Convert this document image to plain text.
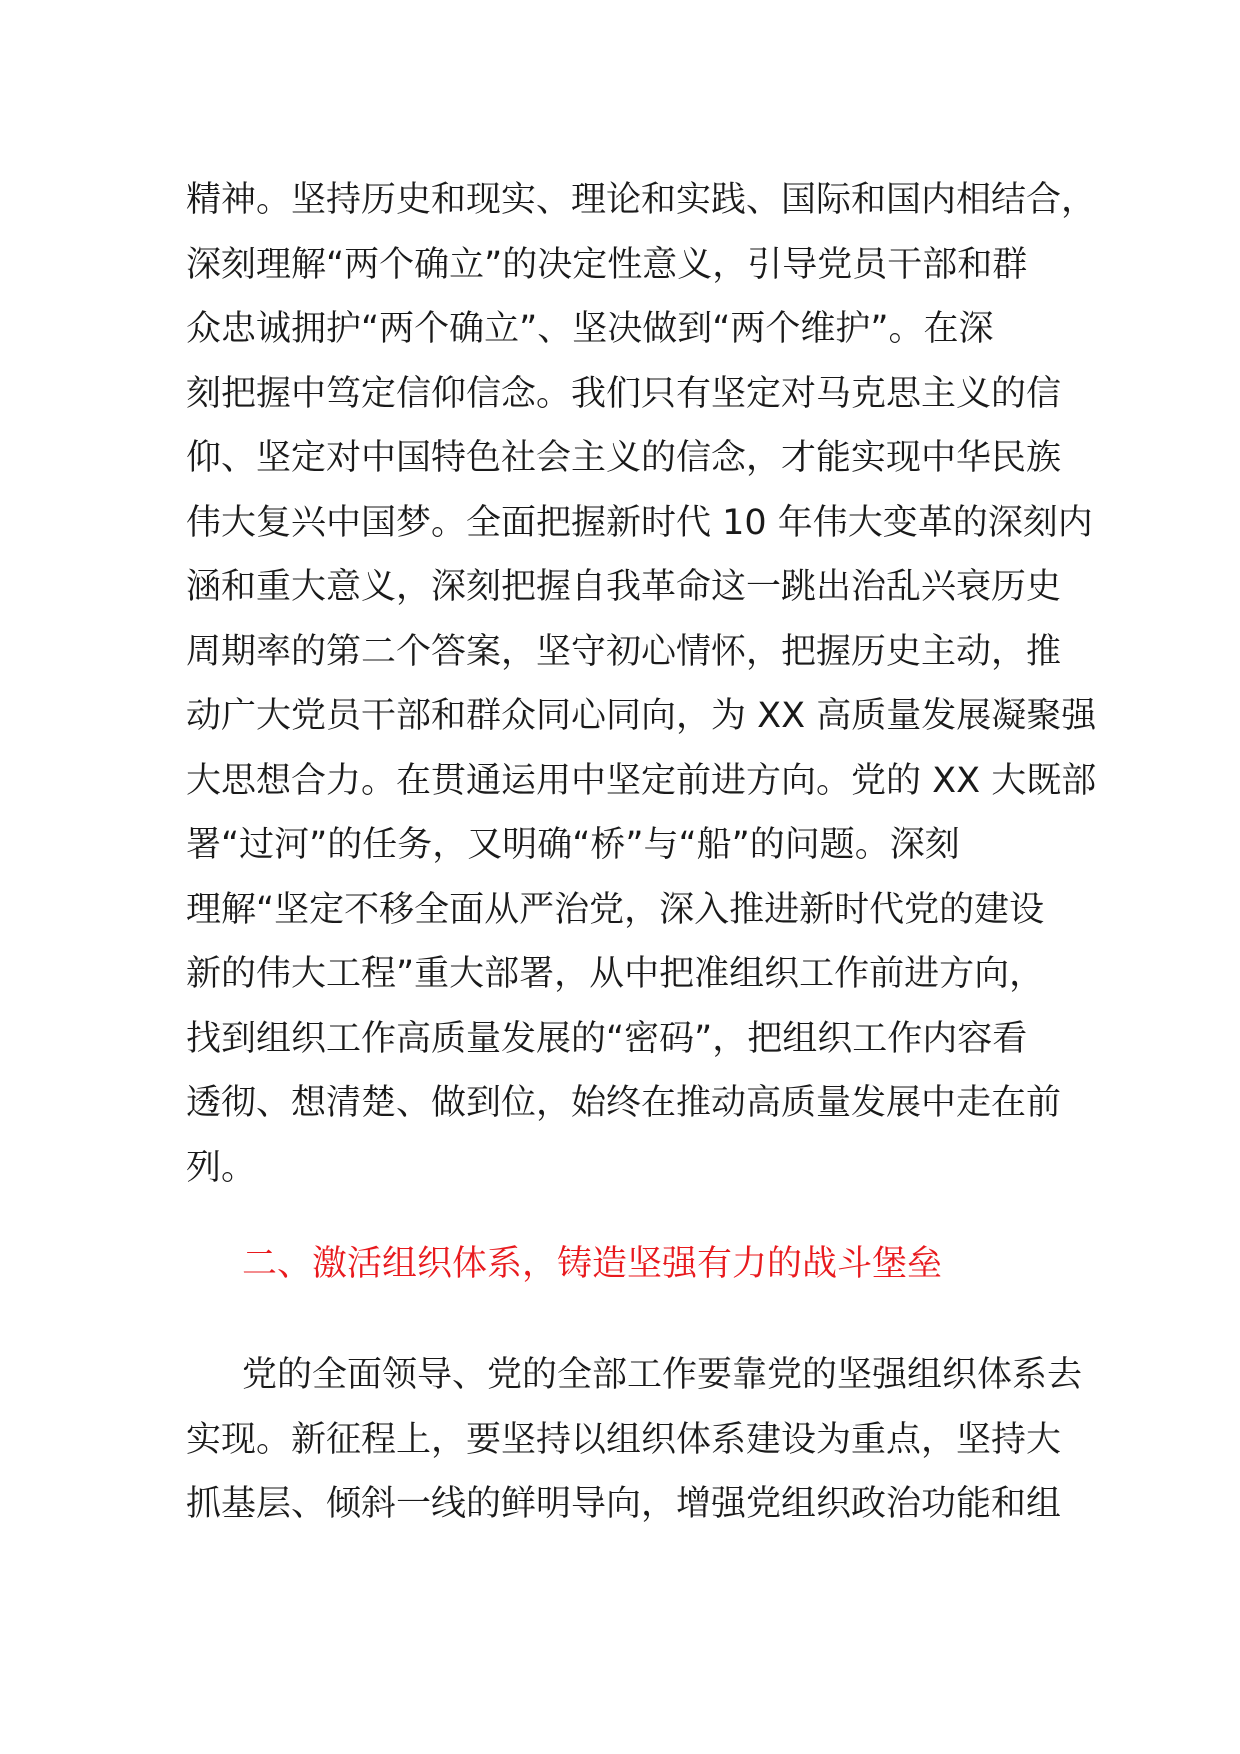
精神。坚持历史和现实、理论和实践、国际和国内相结合，
深刻理解“两个确立”的决定性意义，引导党员干部和群
众忠诚拥护“两个确立”、坚决做到“两个维护”。在深
刻把握中笃定信仰信念。我们只有坚定对马克思主义的信
仰、坚定对中国特色社会主义的信念，才能实现中华民族
伟大复兴中国梦。全面把握新时代 10 年伟大变革的深刻内
涵和重大意义，深刻把握自我革命这一跳出治乱兴衰历史
周期率的第二个答案，坚守初心情怀，把握历史主动，推
动广大党员干部和群众同心同向，为 XX 高质量发展凝聚强
大思想合力。在贯通运用中坚定前进方向。党的 XX 大既部
署“过河”的任务，又明确“桥”与“船”的问题。深刻
理解“坚定不移全面从严治党，深入推进新时代党的建设
新的伟大工程”重大部署，从中把准组织工作前进方向，
找到组织工作高质量发展的“密码”，把组织工作内容看
透彻、想清楚、做到位，始终在推动高质量发展中走在前
列。
二、激活组织体系，铸造坚强有力的战斗堡垒
党的全面领导、党的全部工作要靠党的坚强组织体系去
实现。新征程上，要坚持以组织体系建设为重点，坚持大
抓基层、倾斜一线的鲜明导向，增强党组织政治功能和组
